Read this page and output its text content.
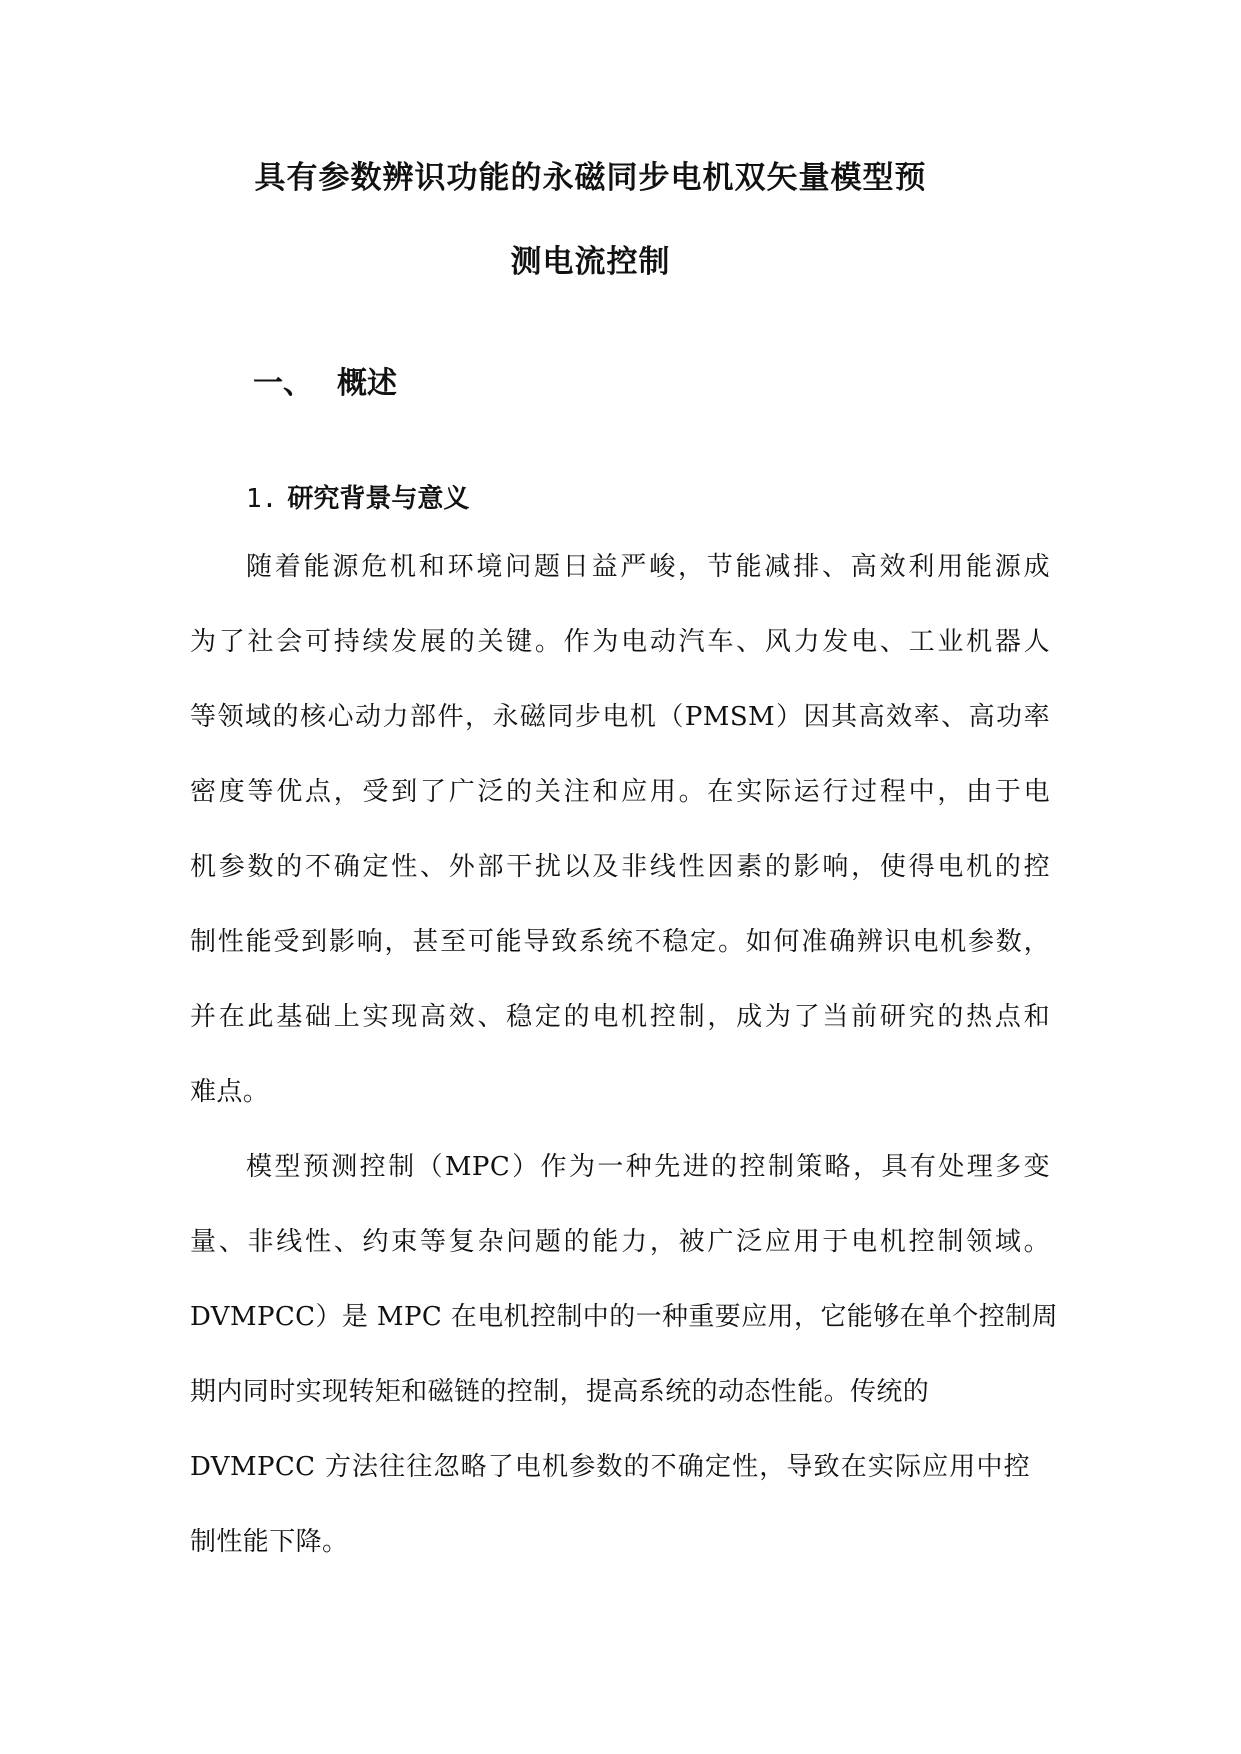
具有参数辨识功能的永磁同步电机双矢量模型预
测电流控制
一、 概述
1. 研究背景与意义
随着能源危机和环境问题日益严峻，节能减排、高效利用能源成
为了社会可持续发展的关键。作为电动汽车、风力发电、工业机器人
等领域的核心动力部件，永磁同步电机（PMSM）因其高效率、高功率
密度等优点，受到了广泛的关注和应用。在实际运行过程中，由于电
机参数的不确定性、外部干扰以及非线性因素的影响，使得电机的控
制性能受到影响，甚至可能导致系统不稳定。如何准确辨识电机参数，
并在此基础上实现高效、稳定的电机控制，成为了当前研究的热点和
难点。
模型预测控制（MPC）作为一种先进的控制策略，具有处理多变
量、非线性、约束等复杂问题的能力，被广泛应用于电机控制领域。
DVMPCC）是 MPC 在电机控制中的一种重要应用，它能够在单个控制周
期内同时实现转矩和磁链的控制，提高系统的动态性能。传统的
DVMPCC 方法往往忽略了电机参数的不确定性，导致在实际应用中控
制性能下降。
